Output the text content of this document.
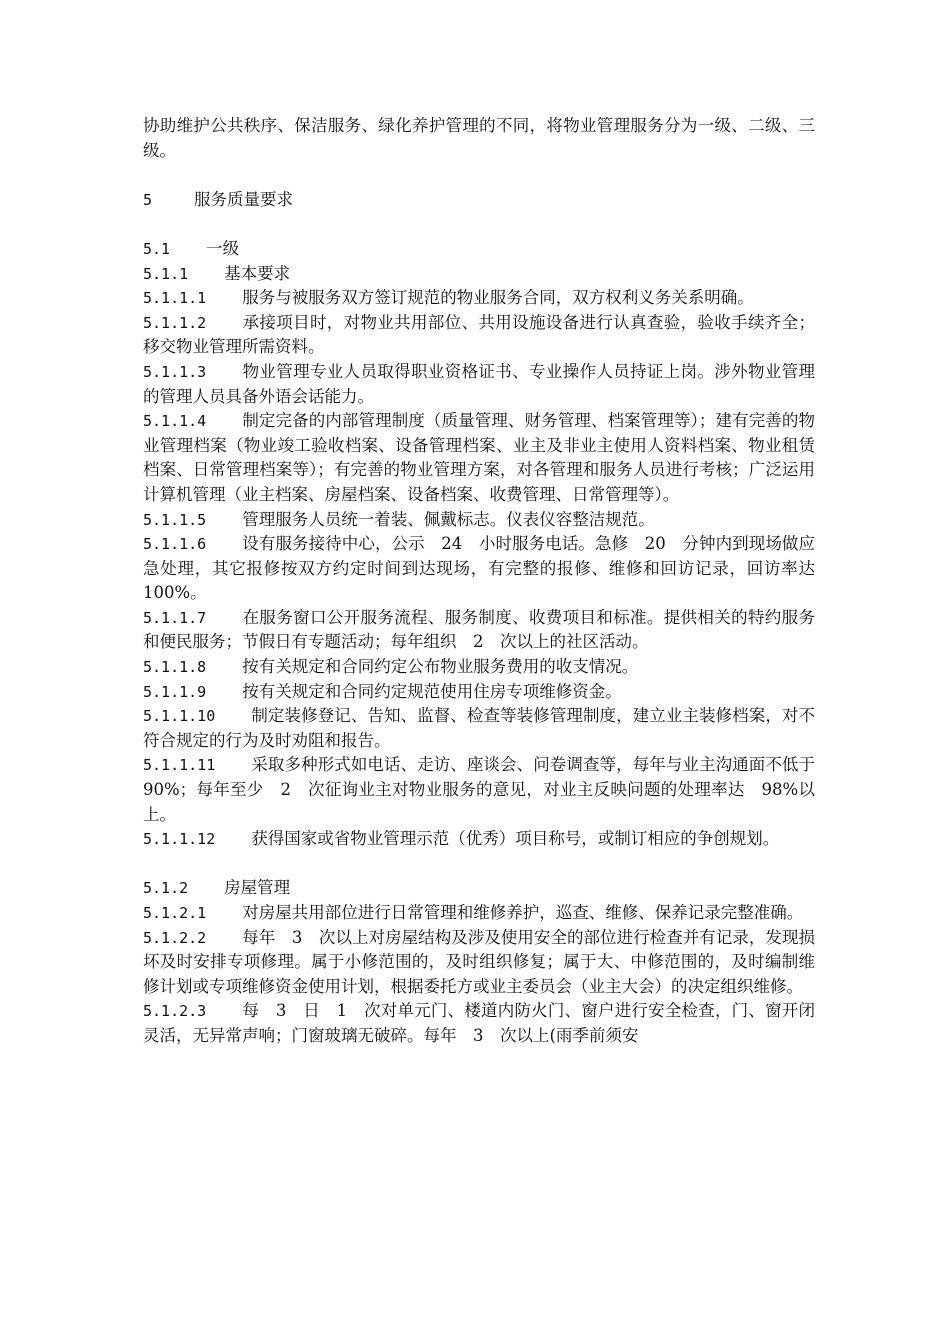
协助维护公共秩序、保洁服务、绿化养护管理的不同，将物业管理服务分为一级、二级、三级。

5	服务质量要求

5.1 一级

5.1.1 基本要求

5.1.1.1 服务与被服务双方签订规范的物业服务合同，双方权利义务关系明确。

5.1.1.2 承接项目时，对物业共用部位、共用设施设备进行认真查验，验收手续齐全；移交物业管理所需资料。

5.1.1.3 物业管理专业人员取得职业资格证书、专业操作人员持证上岗。涉外物业管理的管理人员具备外语会话能力。

5.1.1.4 制定完备的内部管理制度（质量管理、财务管理、档案管理等）；建有完善的物业管理档案（物业竣工验收档案、设备管理档案、业主及非业主使用人资料档案、物业租赁档案、日常管理档案等）；有完善的物业管理方案，对各管理和服务人员进行考核；广泛运用计算机管理（业主档案、房屋档案、设备档案、收费管理、日常管理等）。

5.1.1.5 管理服务人员统一着装、佩戴标志。仪表仪容整洁规范。

5.1.1.6 设有服务接待中心，公示　24　小时服务电话。急修　20　分钟内到现场做应急处理，其它报修按双方约定时间到达现场，有完整的报修、维修和回访记录，回访率达　100%。

5.1.1.7 在服务窗口公开服务流程、服务制度、收费项目和标准。提供相关的特约服务和便民服务；节假日有专题活动；每年组织　2　次以上的社区活动。

5.1.1.8 按有关规定和合同约定公布物业服务费用的收支情况。

5.1.1.9 按有关规定和合同约定规范使用住房专项维修资金。

5.1.1.10 制定装修登记、告知、监督、检查等装修管理制度，建立业主装修档案，对不符合规定的行为及时劝阻和报告。

5.1.1.11 采取多种形式如电话、走访、座谈会、问卷调查等，每年与业主沟通面不低于　90%；每年至少　2　次征询业主对物业服务的意见，对业主反映问题的处理率达　98%以上。

5.1.1.12 获得国家或省物业管理示范（优秀）项目称号，或制订相应的争创规划。

5.1.2 房屋管理

5.1.2.1 对房屋共用部位进行日常管理和维修养护，巡查、维修、保养记录完整准确。

5.1.2.2 每年　3　次以上对房屋结构及涉及使用安全的部位进行检查并有记录，发现损坏及时安排专项修理。属于小修范围的，及时组织修复；属于大、中修范围的，及时编制维修计划或专项维修资金使用计划，根据委托方或业主委员会（业主大会）的决定组织维修。

5.1.2.3 每　3　日　1　次对单元门、楼道内防火门、窗户进行安全检查，门、窗开闭灵活，无异常声响；门窗玻璃无破碎。每年　3　次以上(雨季前须安
